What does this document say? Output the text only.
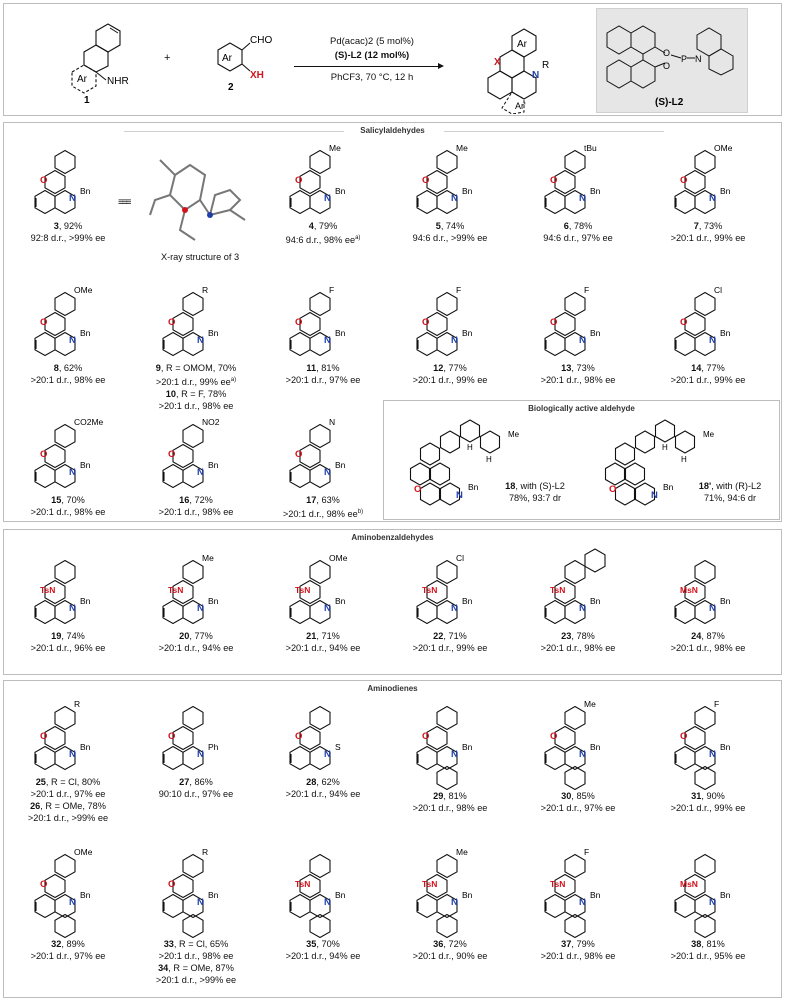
Ar NHR
1
+	Ar
CHO
XH
2
Pd(acac)2 (5 mol%)
(S)-L2 (12 mol%)
PhCF3, 70 °C, 12 h
X
Ar
N
R
Ar'
O
O
P N
(S)-L2
Salicylaldehydes
Biologically active aldehyde
Aminobenzaldehydes
Aminodienes
≡≡≡
X-ray structure of 3
O
N
Bn
3, 92%
92:8 d.r., >99% ee
O
N
Me
Bn
4, 79%
94:6 d.r., 98% $ee^{a)}$
O
N
Me
Bn
5, 74%
94:6 d.r., >99% ee
O
N
tBu
Bn
6, 78%
94:6 d.r., 97% ee
O
N
OMe
Bn
7, 73%
>20:1 d.r., 99% ee
O
N
OMe
Bn
8, 62%
>20:1 d.r., 98% ee
O
N
R
Bn
9, R = OMOM, 70%
>20:1 d.r., 99% $ee^{a)}$
10, R = F, 78%
>20:1 d.r., 98% ee
O
N
F
Bn
11, 81%
>20:1 d.r., 97% ee
O
N
F
Bn
12, 77%
>20:1 d.r., 99% ee
O
N
F
Bn
13, 73%
>20:1 d.r., 98% ee
O
N
Cl
Bn
14, 77%
>20:1 d.r., 99% ee
O
N
CO2Me
Bn
15, 70%
>20:1 d.r., 98% ee
O
N
NO2
Bn
16, 72%
>20:1 d.r., 98% ee
O
N
N
Bn
17, 63%
>20:1 d.r., 98% $ee^{b)}$
TsN
N
Bn
19, 74%
>20:1 d.r., 96% ee
TsN
N
Me
Bn
20, 77%
>20:1 d.r., 94% ee
TsN
N
OMe
Bn
21, 71%
>20:1 d.r., 94% ee
TsN
N
Cl
Bn
22, 71%
>20:1 d.r., 99% ee
TsN
N
Bn
23, 78%
>20:1 d.r., 98% ee
MsN
N
Bn
24, 87%
>20:1 d.r., 98% ee
O
N
R
Bn
25, R = Cl, 80%
>20:1 d.r., 97% ee
26, R = OMe, 78%
>20:1 d.r., >99% ee
O
N
Ph
27, 86%
90:10 d.r., 97% ee
O
N
S
28, 62%
>20:1 d.r., 94% ee
O
N
Bn
29, 81%
>20:1 d.r., 98% ee
O
N
Me
Bn
30, 85%
>20:1 d.r., 97% ee
O
N
F
Bn
31, 90%
>20:1 d.r., 99% ee
O
N
OMe
Bn
32, 89%
>20:1 d.r., 97% ee
O
N
R
Bn
33, R = Cl, 65%
>20:1 d.r., 98% ee
34, R = OMe, 87%
>20:1 d.r., >99% ee
TsN
N
Bn
35, 70%
>20:1 d.r., 94% ee
TsN
N
Me
Bn
36, 72%
>20:1 d.r., 90% ee
TsN
N
F
Bn
37, 79%
>20:1 d.r., 98% ee
MsN
N
Bn
38, 81%
>20:1 d.r., 95% ee
O
N
Bn
H
H
Me
18, with (S)-L2
78%, 93:7 dr
O
N
Bn
H
H
Me
18', with (R)-L2
71%, 94:6 dr
